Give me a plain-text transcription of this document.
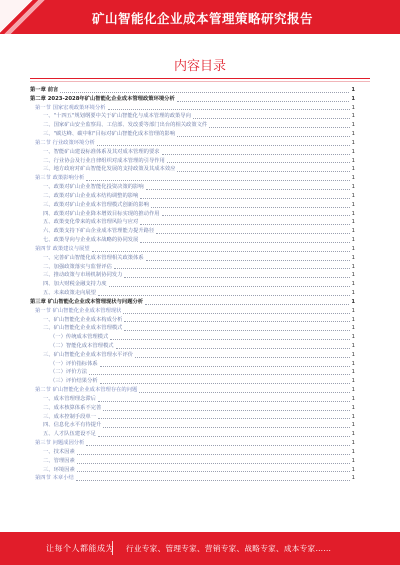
矿山智能化企业成本管理策略研究报告
内容目录
第一章 前言	1
第二章 2023-2028年矿山智能化企业成本管理政策环境分析	1
第一节 国家宏观政策环境分析	1
一、"十四五"规划纲要中关于矿山智能化与成本管理的政策导向	1
二、国家矿山安全监察局、工信部、发改委等部门出台的相关政策文件	1
三、"碳达峰、碳中和"目标对矿山智能化成本管理的影响	1
第二节 行业政策环境分析	1
一、智能矿山建设标准体系及其对成本管理的要求	1
二、行业协会及行业自律组织对成本管理的引导作用	1
三、地方政府对矿山智能化发展的支持政策及其成本效应	1
第三节 政策影响分析	1
一、政策对矿山企业智能化投资决策的影响	1
二、政策对矿山企业成本结构调整的影响	1
三、政策对矿山企业成本管理模式创新的影响	1
四、政策对矿山企业降本增效目标实现的推动作用	1
五、政策变化带来的成本管理风险与应对	1
六、政策支持下矿山企业成本管理能力提升路径	1
七、政策导向与企业成本战略的协同发展	1
第四节 政策建议与展望	1
一、完善矿山智能化成本管理相关政策体系	1
二、加强政策落实与监督评估	1
三、推动政策与市场机制协同发力	1
四、加大财税金融支持力度	1
五、未来政策走向展望	1
第三章 矿山智能化企业成本管理现状与问题分析	1
第一节 矿山智能化企业成本管理现状	1
一、矿山智能化企业成本构成分析	1
二、矿山智能化企业成本管理模式	1
（一）传统成本管理模式	1
（二）智能化成本管理模式	1
三、矿山智能化企业成本管理水平评价	1
（一）评价指标体系	1
（二）评价方法	1
（三）评价结果分析	1
第二节 矿山智能化企业成本管理存在的问题	1
一、成本管理理念滞后	1
二、成本核算体系不完善	1
三、成本控制手段单一	1
四、信息化水平有待提升	1
五、人才队伍建设不足	1
第三节 问题成因分析	1
一、技术因素	1
二、管理因素	1
三、环境因素	1
第四节 本章小结	1
让每个人都能成为 行业专家、管理专家、营销专家、战略专家、成本专家……
